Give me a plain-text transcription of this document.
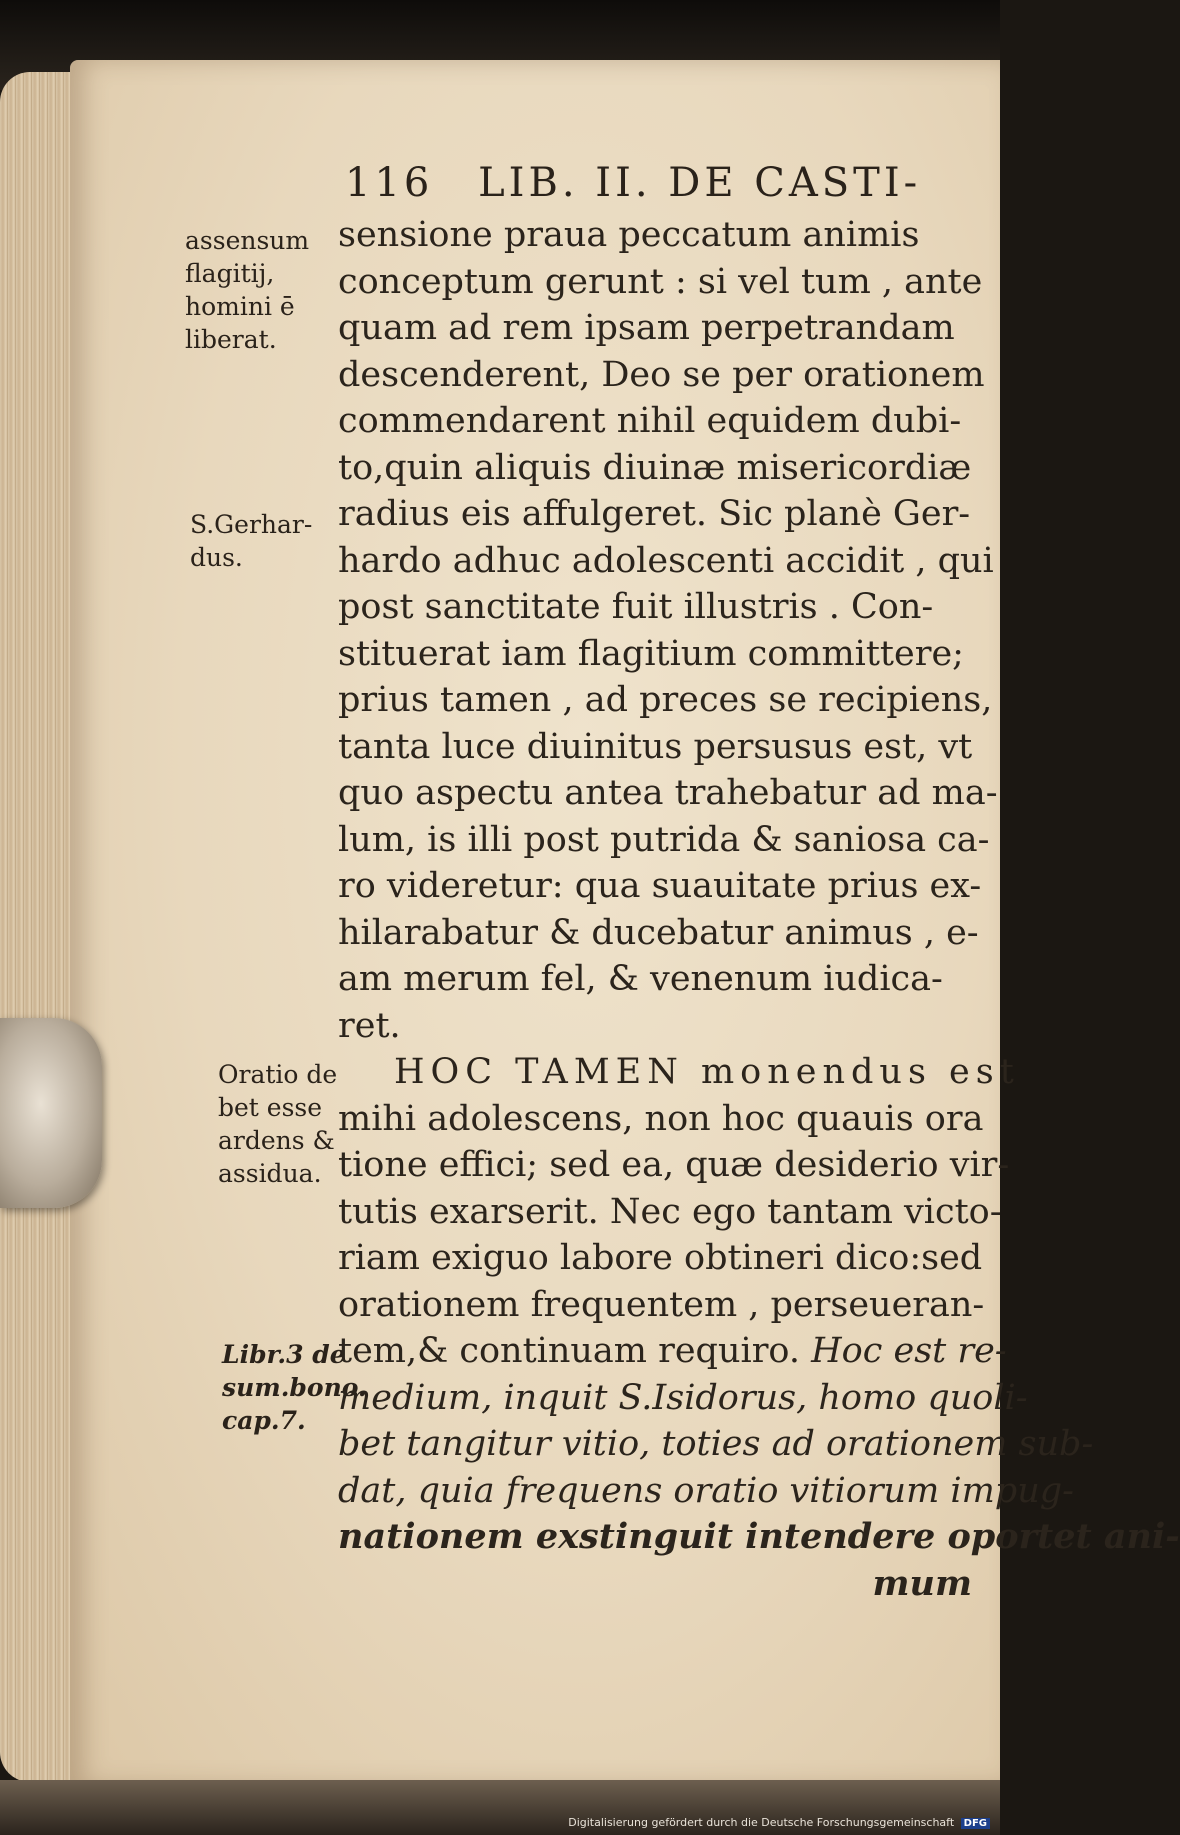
116 LIB. II. DE CASTI-
assensum
flagitij,
homini ē
liberat.
S.Gerhar-
dus.
Oratio de
bet esse
ardens &
assidua.
Libr.3 de
sum.bono.
cap.7.
sensione praua peccatum animis
conceptum gerunt : si vel tum , ante
quam ad rem ipsam perpetrandam
descenderent, Deo se per orationem
commendarent nihil equidem dubi-
to,quin aliquis diuinæ misericordiæ
radius eis affulgeret. Sic planè Ger-
hardo adhuc adolescenti accidit , qui
post sanctitate fuit illustris . Con-
stituerat iam flagitium committere;
prius tamen , ad preces se recipiens,
tanta luce diuinitus persusus est, vt
quo aspectu antea trahebatur ad ma-
lum, is illi post putrida & saniosa ca-
ro videretur: qua suauitate prius ex-
hilarabatur & ducebatur animus , e-
am merum fel, & venenum iudica-
ret.
HOC TAMEN monendus est
mihi adolescens, non hoc quauis ora
tione effici; sed ea, quæ desiderio vir-
tutis exarserit. Nec ego tantam victo-
riam exiguo labore obtineri dico:sed
orationem frequentem , perseueran-
tem,& continuam requiro. Hoc est re-
medium, inquit S.Isidorus, homo quoli-
bet tangitur vitio, toties ad orationem sub-
dat, quia frequens oratio vitiorum impug-
nationem exstinguit intendere oportet ani-
mum
Digitalisierung gefördert durch die Deutsche Forschungsgemeinschaft DFG
